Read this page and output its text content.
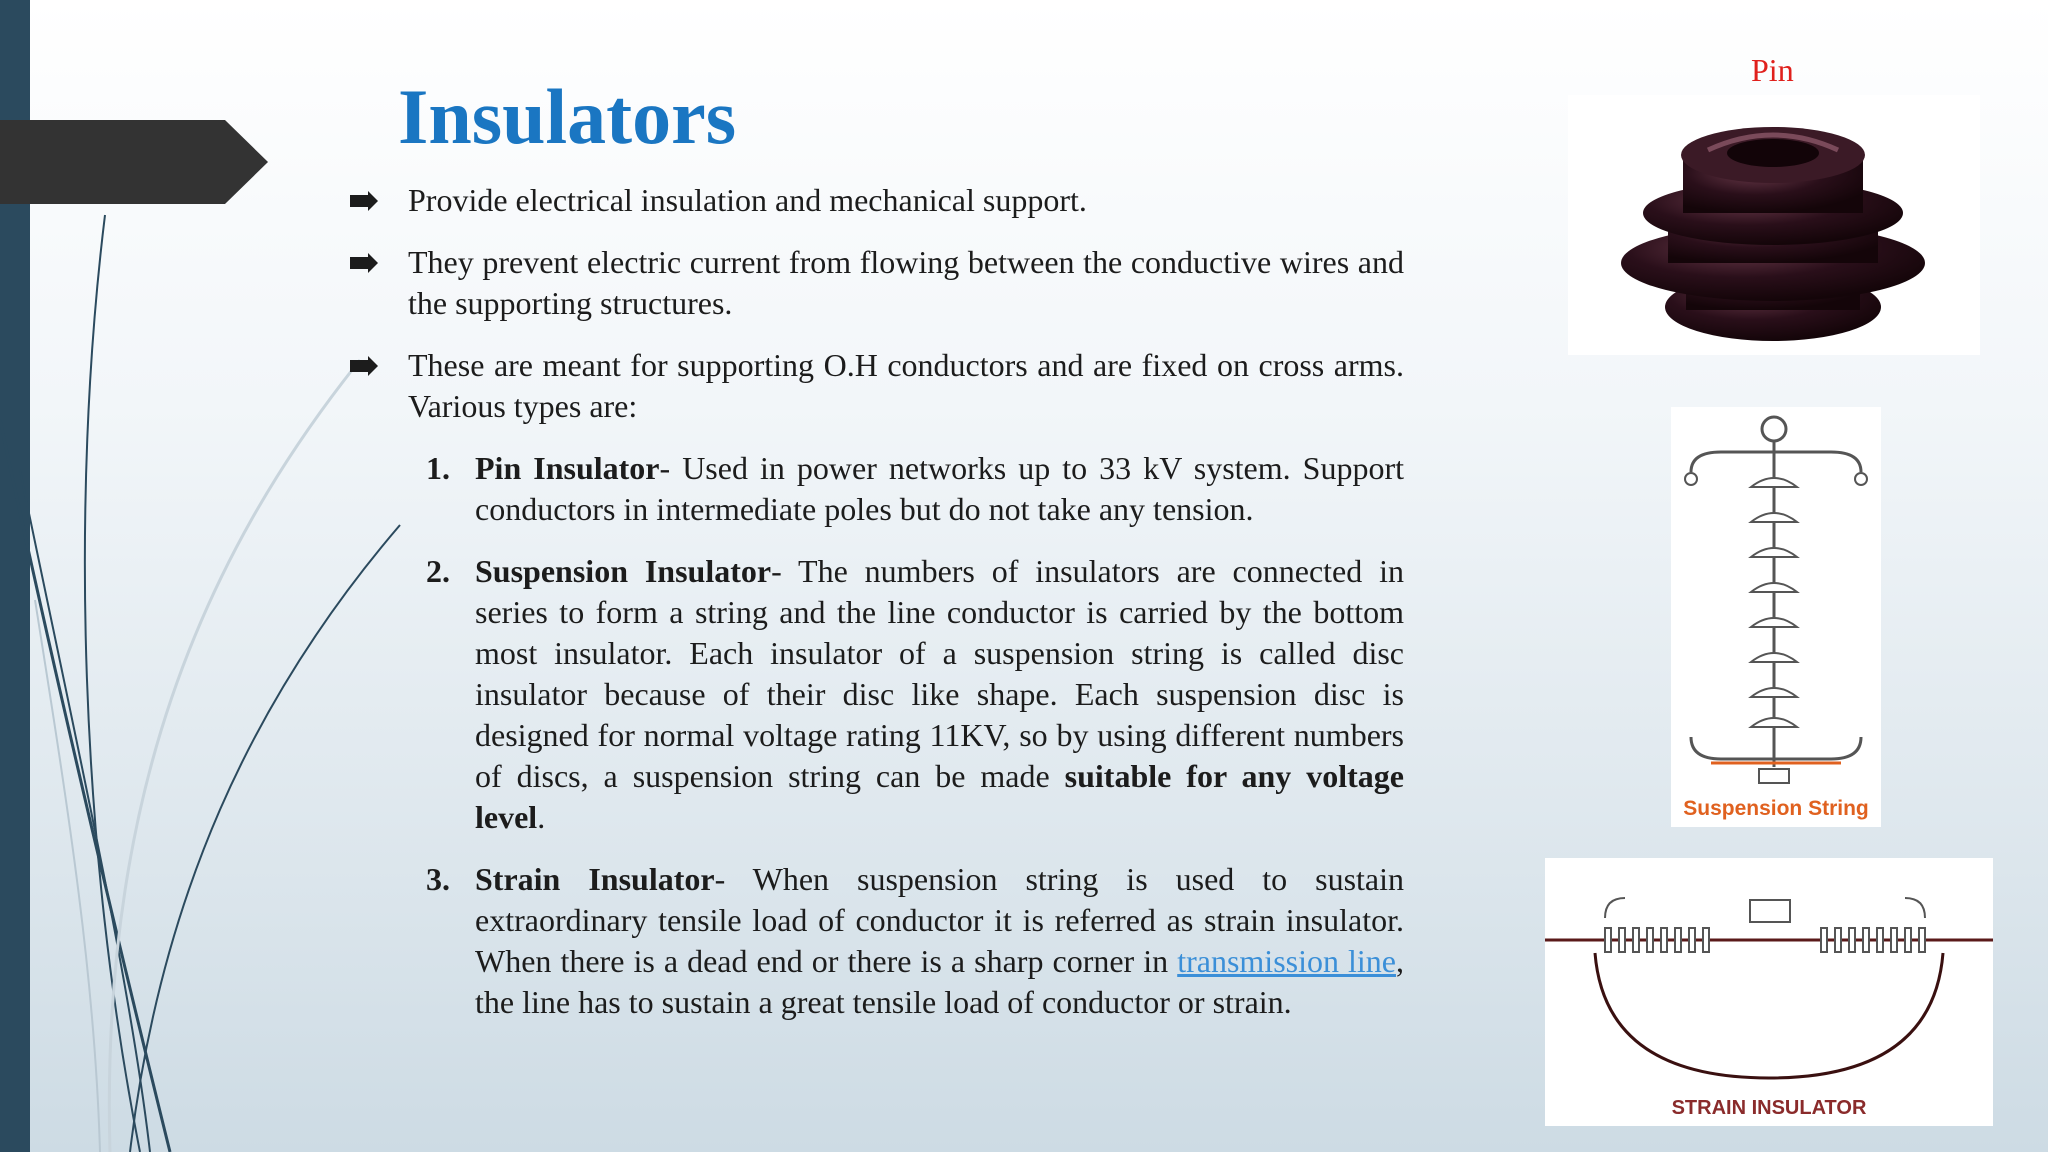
Insulators
Provide electrical insulation and mechanical support.
They prevent electric current from flowing between the conductive wires and the supporting structures.
These are meant for supporting O.H conductors and are fixed on cross arms. Various types are:
1. Pin Insulator- Used in power networks up to 33 kV system. Support conductors in intermediate poles but do not take any tension.
2. Suspension Insulator- The numbers of insulators are connected in series to form a string and the line conductor is carried by the bottom most insulator. Each insulator of a suspension string is called disc insulator because of their disc like shape. Each suspension disc is designed for normal voltage rating 11KV, so by using different numbers of discs, a suspension string can be made suitable for any voltage level.
3. Strain Insulator- When suspension string is used to sustain extraordinary tensile load of conductor it is referred as strain insulator. When there is a dead end or there is a sharp corner in transmission line, the line has to sustain a great tensile load of conductor or strain.
Pin
Suspension String
STRAIN INSULATOR
